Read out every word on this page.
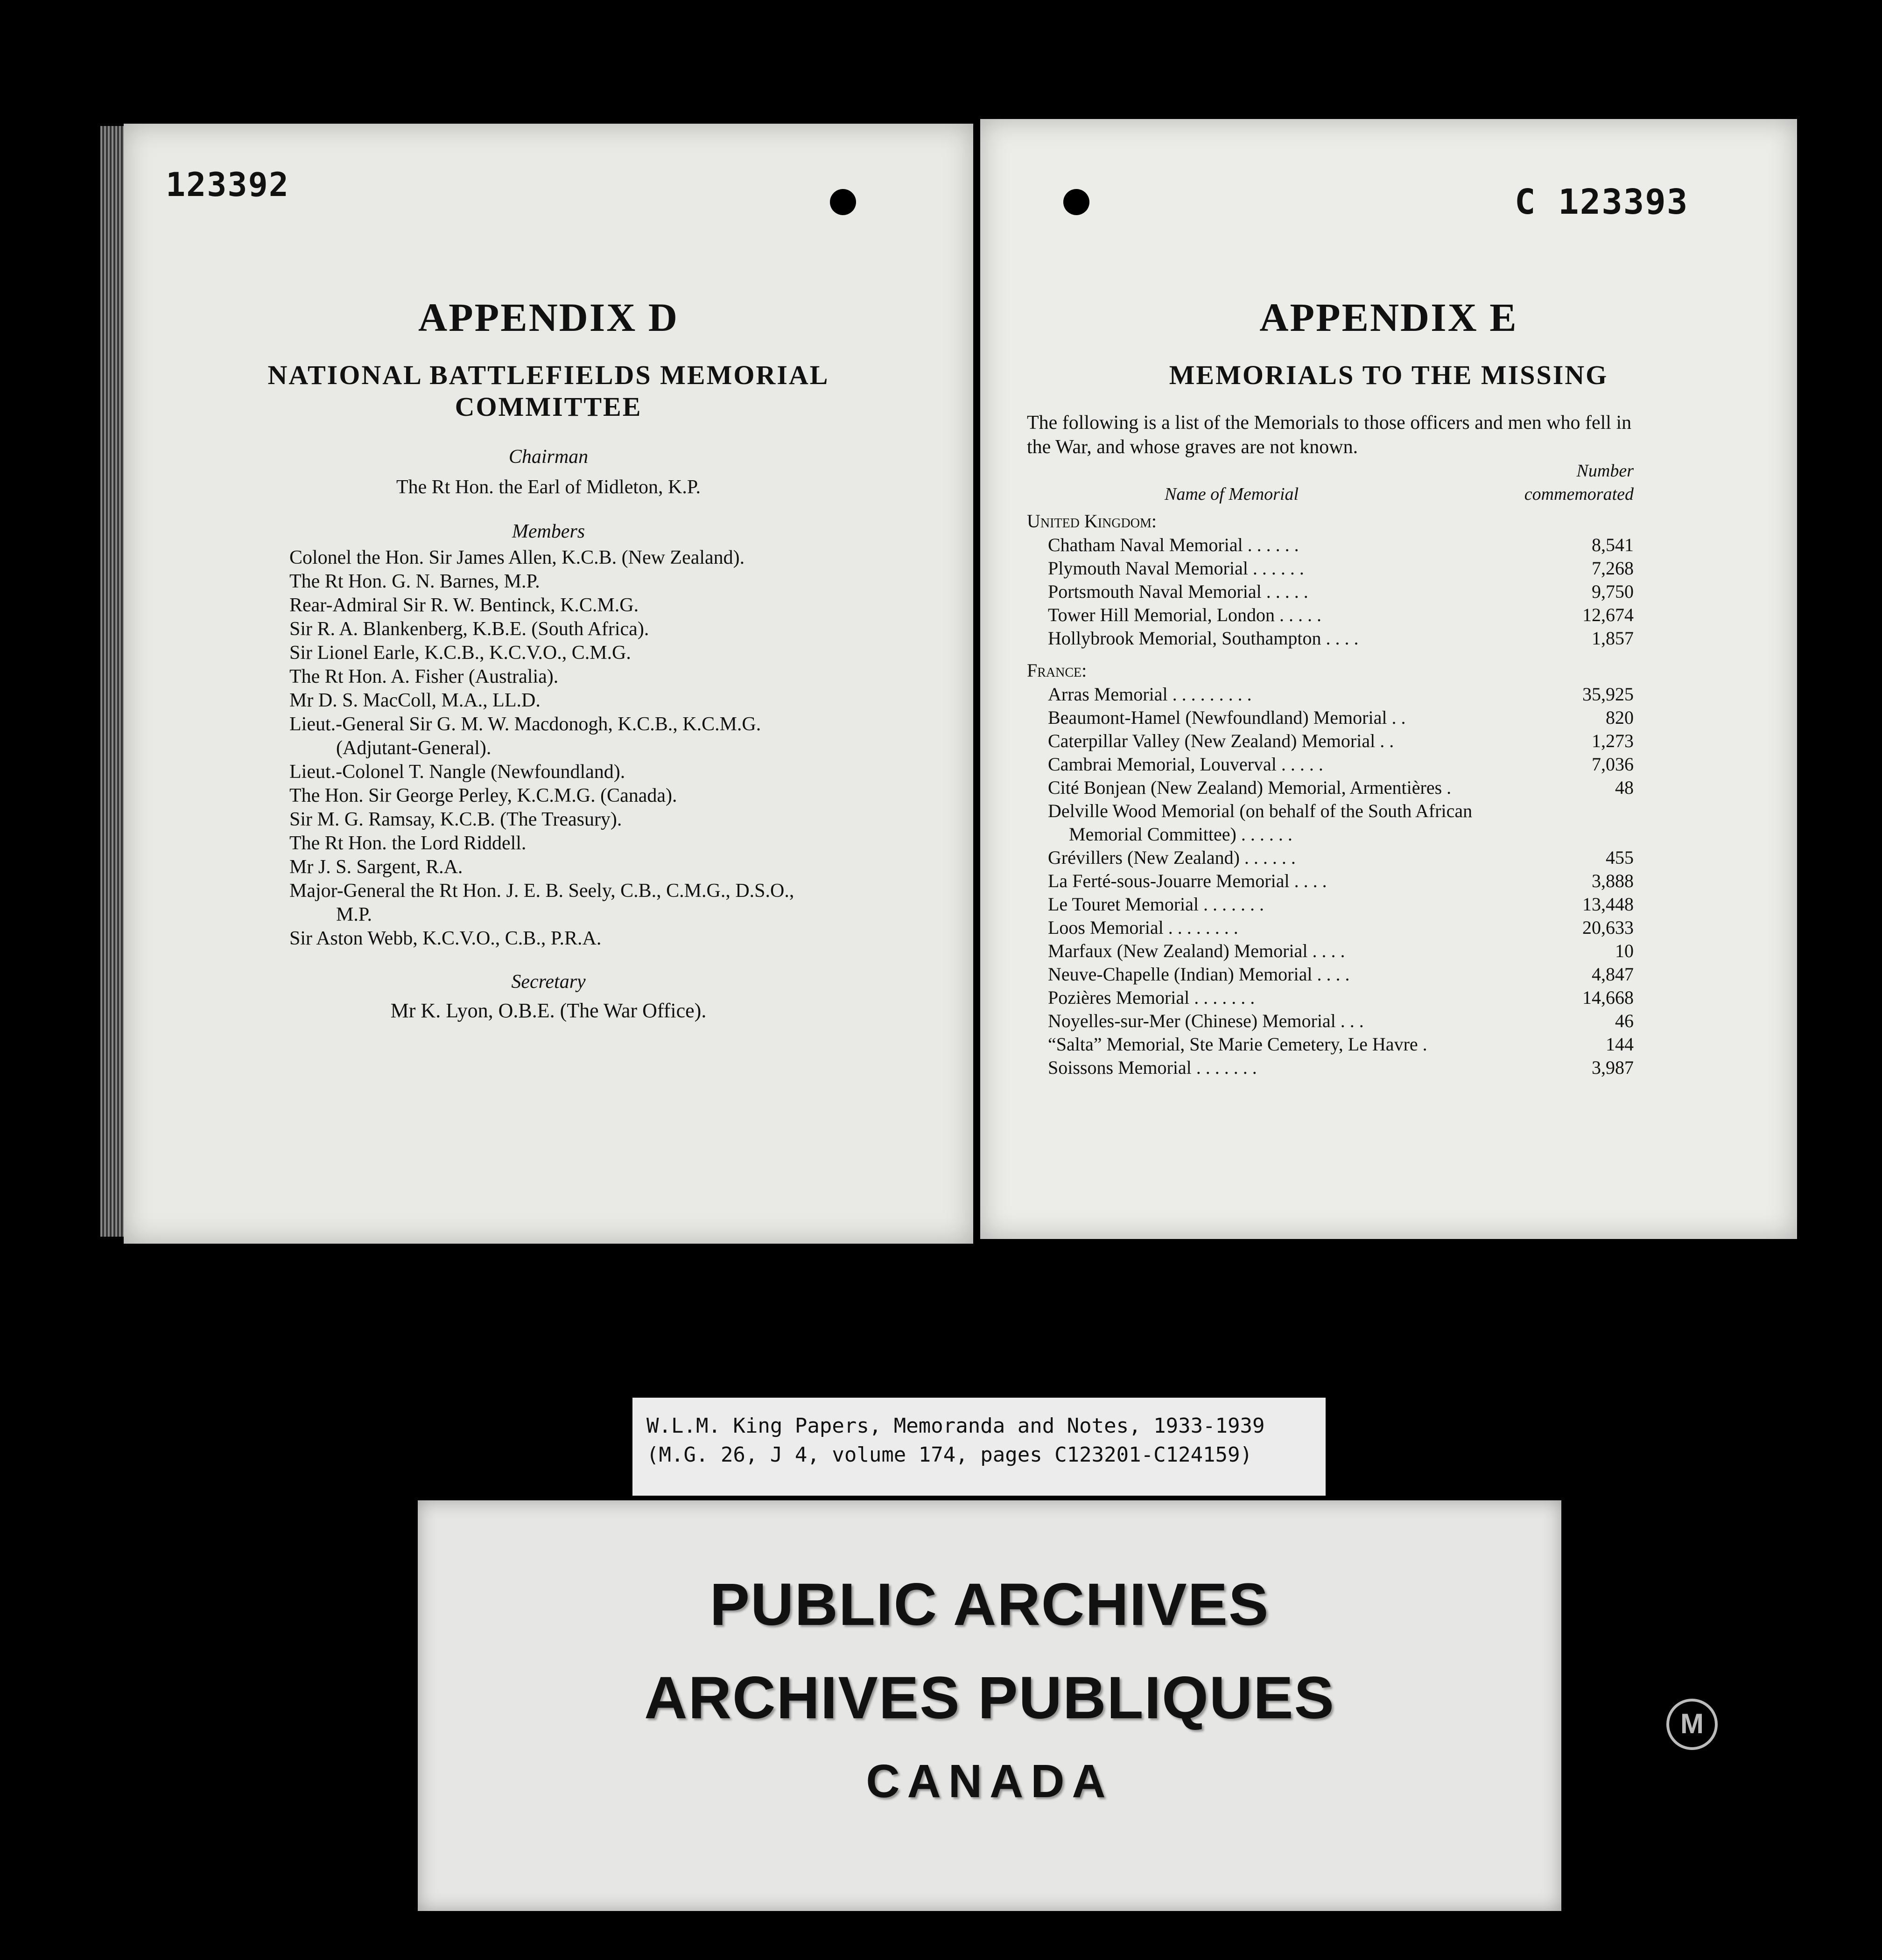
123392
APPENDIX D
NATIONAL BATTLEFIELDS MEMORIAL
COMMITTEE
Chairman
The Rt Hon. the Earl of Midleton, K.P.
Members
Colonel the Hon. Sir James Allen, K.C.B. (New Zealand).
The Rt Hon. G. N. Barnes, M.P.
Rear-Admiral Sir R. W. Bentinck, K.C.M.G.
Sir R. A. Blankenberg, K.B.E. (South Africa).
Sir Lionel Earle, K.C.B., K.C.V.O., C.M.G.
The Rt Hon. A. Fisher (Australia).
Mr D. S. MacColl, M.A., LL.D.
Lieut.-General Sir G. M. W. Macdonogh, K.C.B., K.C.M.G.
(Adjutant-General).
Lieut.-Colonel T. Nangle (Newfoundland).
The Hon. Sir George Perley, K.C.M.G. (Canada).
Sir M. G. Ramsay, K.C.B. (The Treasury).
The Rt Hon. the Lord Riddell.
Mr J. S. Sargent, R.A.
Major-General the Rt Hon. J. E. B. Seely, C.B., C.M.G., D.S.O.,
M.P.
Sir Aston Webb, K.C.V.O., C.B., P.R.A.
Secretary
Mr K. Lyon, O.B.E. (The War Office).
C 123393
APPENDIX E
MEMORIALS TO THE MISSING
The following is a list of the Memorials to those officers and men who fell in the War, and whose graves are not known.
Name of Memorial
Number
commemorated
United Kingdom:
Chatham Naval Memorial . . . . . .	8,541
Plymouth Naval Memorial . . . . . .	7,268
Portsmouth Naval Memorial . . . . .	9,750
Tower Hill Memorial, London . . . . .	12,674
Hollybrook Memorial, Southampton . . . .	1,857
France:
Arras Memorial . . . . . . . . .	35,925
Beaumont-Hamel (Newfoundland) Memorial . .	820
Caterpillar Valley (New Zealand) Memorial . .	1,273
Cambrai Memorial, Louverval . . . . .	7,036
Cité Bonjean (New Zealand) Memorial, Armentières .	48
Delville Wood Memorial (on behalf of the South African
Memorial Committee) . . . . . .
Grévillers (New Zealand) . . . . . .	455
La Ferté-sous-Jouarre Memorial . . . .	3,888
Le Touret Memorial . . . . . . .	13,448
Loos Memorial . . . . . . . .	20,633
Marfaux (New Zealand) Memorial . . . .	10
Neuve-Chapelle (Indian) Memorial . . . .	4,847
Pozières Memorial . . . . . . .	14,668
Noyelles-sur-Mer (Chinese) Memorial . . .	46
“Salta” Memorial, Ste Marie Cemetery, Le Havre .	144
Soissons Memorial . . . . . . .	3,987
W.L.M. King Papers, Memoranda and Notes, 1933-1939
(M.G. 26, J 4, volume 174, pages C123201-C124159)
PUBLIC ARCHIVES
ARCHIVES PUBLIQUES
CANADA
M
